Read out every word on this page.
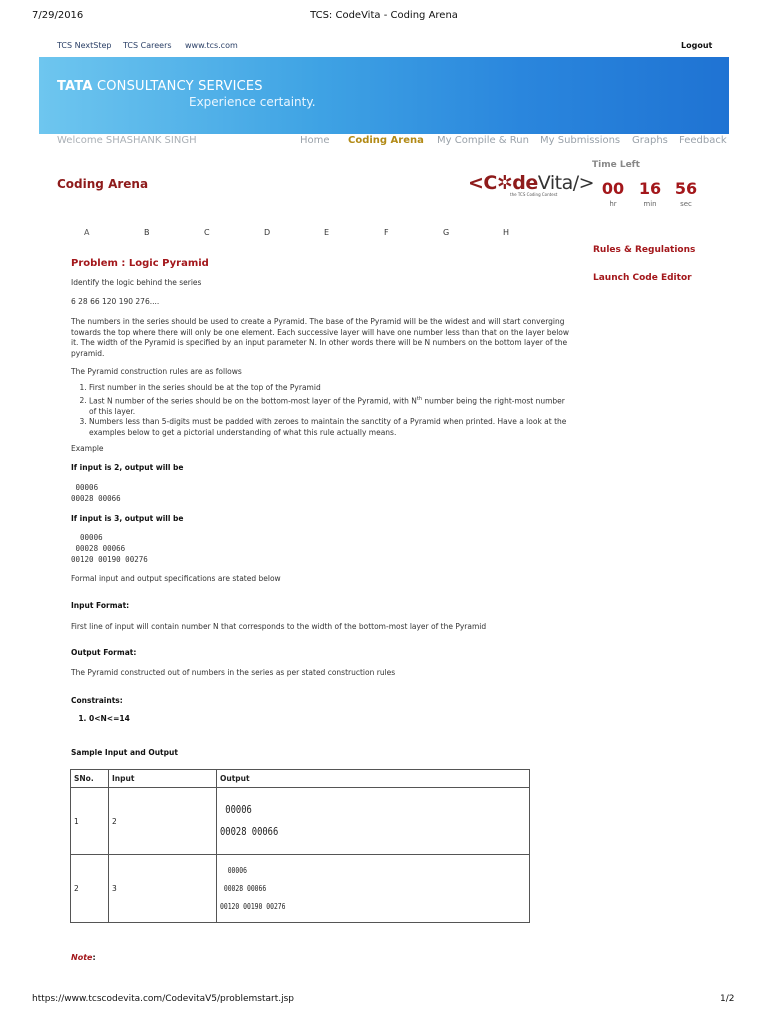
7/29/2016	TCS: CodeVita - Coding Arena
TCS NextStep TCS Careers www.tcs.com	Logout
TATA CONSULTANCY SERVICES
Experience certainty.
Welcome SHASHANK SINGH	Home Coding Arena My Compile & Run My Submissions Graphs Feedback
Time Left
00 16 56
hr	min	sec
Coding Arena	<C✲deVita/>
the TCS Coding Contest
A	B	C	D	E	F	G	H
Rules & Regulations
Launch Code Editor
Problem : Logic Pyramid
Identify the logic behind the series
6 28 66 120 190 276....
The numbers in the series should be used to create a Pyramid. The base of the Pyramid will be the widest and will start converging towards the top where there will only be one element. Each successive layer will have one number less than that on the layer below it. The width of the Pyramid is specified by an input parameter N. In other words there will be N numbers on the bottom layer of the pyramid.
The Pyramid construction rules are as follows
1. First number in the series should be at the top of the Pyramid
2. Last N number of the series should be on the bottom-most layer of the Pyramid, with $N^{th}$ number being the right-most number of this layer.
3. Numbers less than 5-digits must be padded with zeroes to maintain the sanctity of a Pyramid when printed. Have a look at the examples below to get a pictorial understanding of what this rule actually means.
Example
If input is 2, output will be
00006
00028 00066
If input is 3, output will be
00006
00028 00066
00120 00190 00276
Formal input and output specifications are stated below
Input Format:
First line of input will contain number N that corresponds to the width of the bottom-most layer of the Pyramid
Output Format:
The Pyramid constructed out of numbers in the series as per stated construction rules
Constraints:
1. 0<N<=14
Sample Input and Output
SNo.	Input	Output
1	2	00006
00028 00066

2	3	00006
00028 00066
00120 00190 00276
Note:
https://www.tcscodevita.com/CodevitaV5/problemstart.jsp	1/2
